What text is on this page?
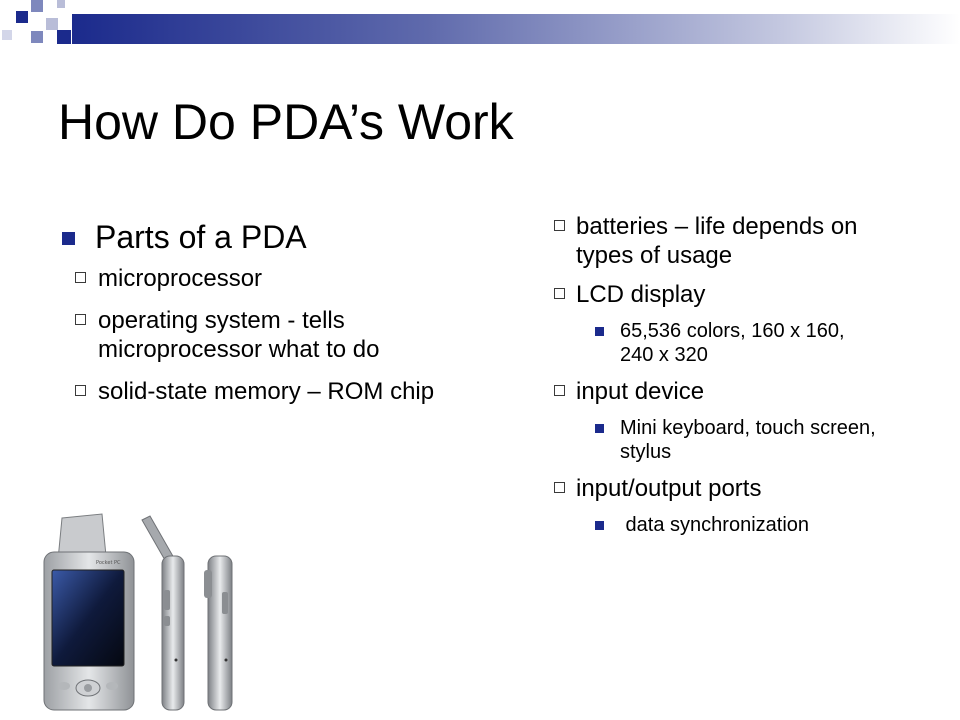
How Do PDA’s Work
Parts of a PDA
microprocessor
operating system - tells microprocessor what to do
solid-state memory – ROM chip
batteries – life depends on types of usage
LCD display
65,536 colors, 160 x 160, 240 x 320
input device
Mini keyboard, touch screen, stylus
input/output ports
data synchronization
Pocket PC
